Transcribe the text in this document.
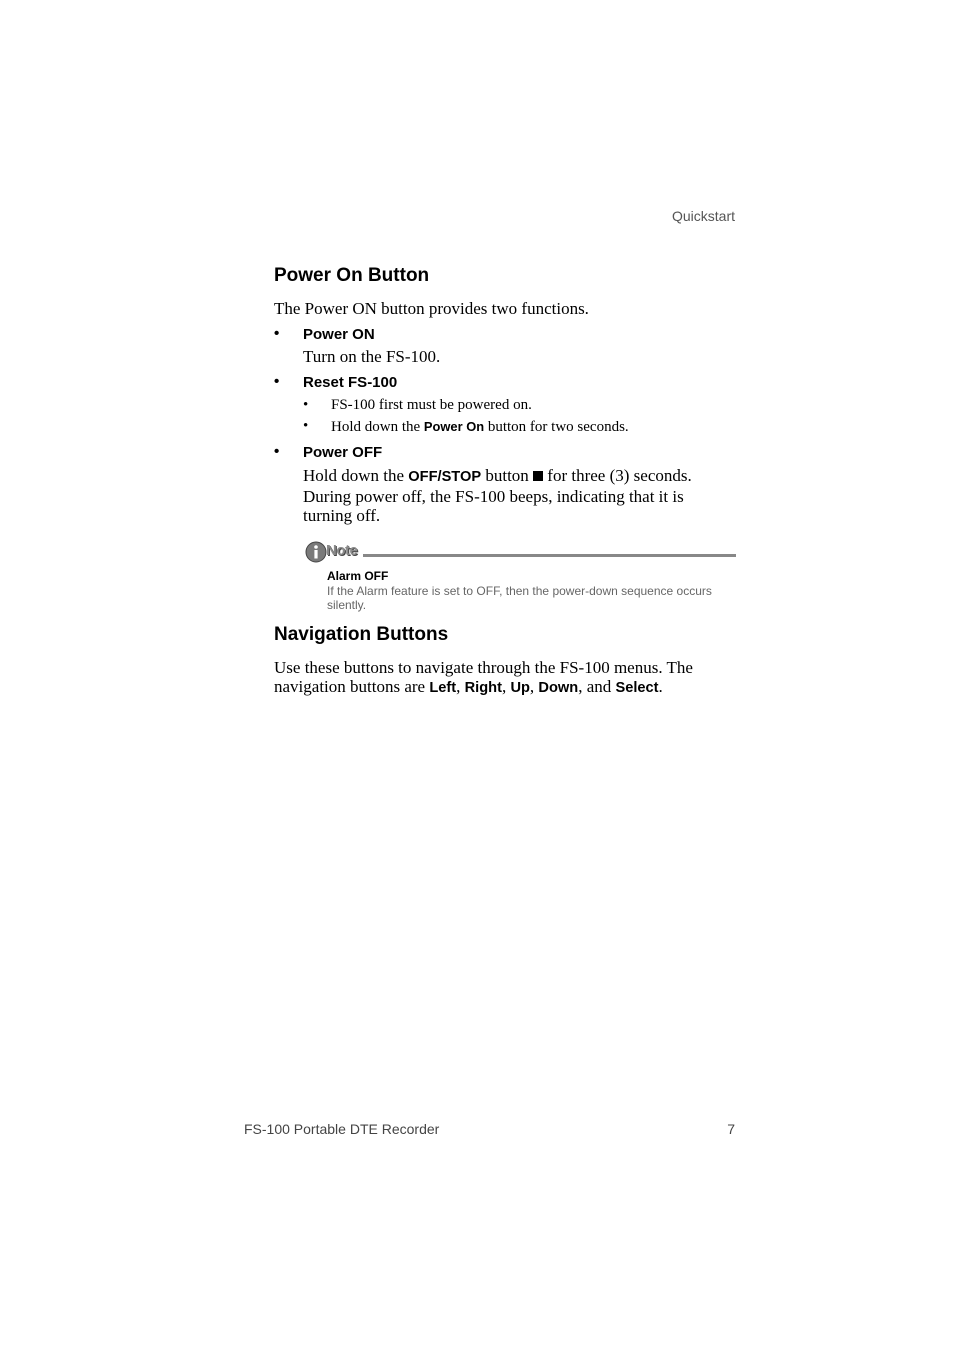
Quickstart
Power On Button

The Power ON button provides two functions.

• Power ON

Turn on the FS-100.

• Reset FS-100
• FS-100 first must be powered on.
• Hold down the Power On button for two seconds.
• Power OFF

Hold down the OFF/STOP button  for three (3) seconds. During power off, the FS-100 beeps, indicating that it is turning off.

Note
Alarm OFF
If the Alarm feature is set to OFF, then the power-down sequence occurs silently.
Navigation Buttons

Use these buttons to navigate through the FS-100 menus. The navigation buttons are Left, Right, Up, Down, and Select.

FS-100 Portable DTE Recorder	7
